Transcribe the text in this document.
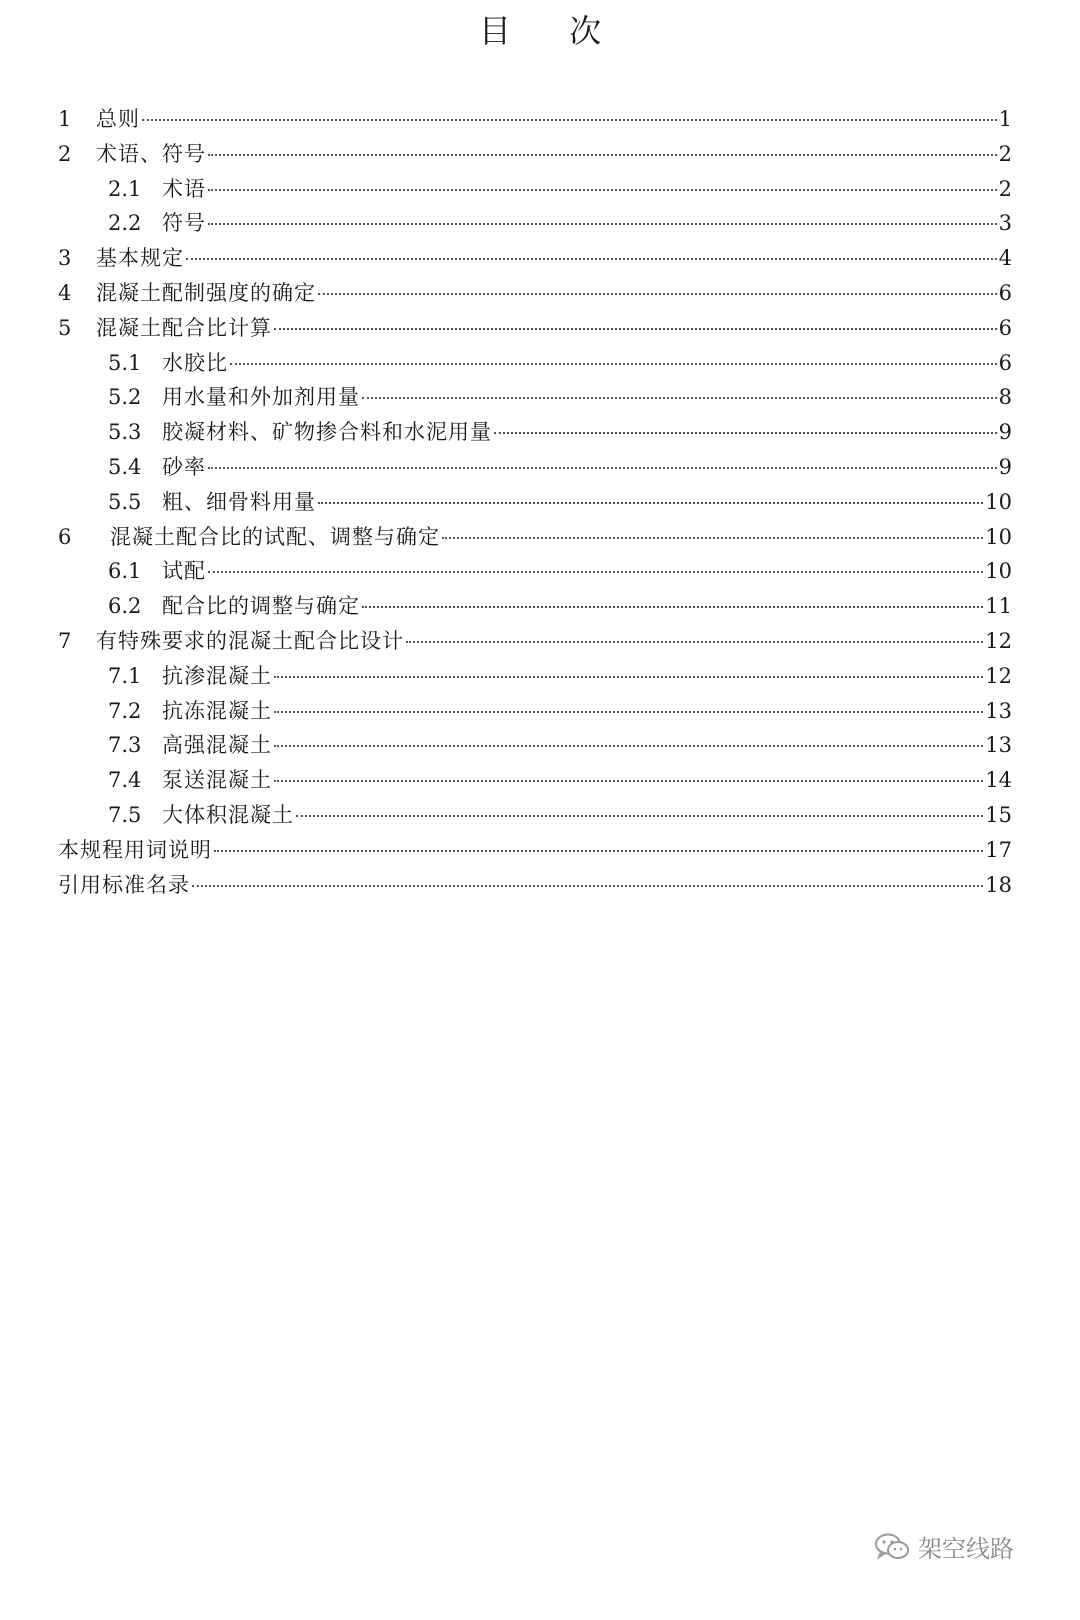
目 次
1	总则	1
2	术语、符号	2
2.1 术语	2
2.2 符号	3
3	基本规定	4
4	混凝土配制强度的确定	6
5	混凝土配合比计算	6
5.1 水胶比	6
5.2 用水量和外加剂用量	8
5.3 胶凝材料、矿物掺合料和水泥用量	9
5.4 砂率	9
5.5 粗、细骨料用量	10
6	混凝土配合比的试配、调整与确定	10
6.1 试配	10
6.2 配合比的调整与确定	11
7	有特殊要求的混凝土配合比设计	12
7.1 抗渗混凝土	12
7.2 抗冻混凝土	13
7.3 高强混凝土	13
7.4 泵送混凝土	14
7.5 大体积混凝土	15
本规程用词说明	17
引用标准名录	18
架空线路
